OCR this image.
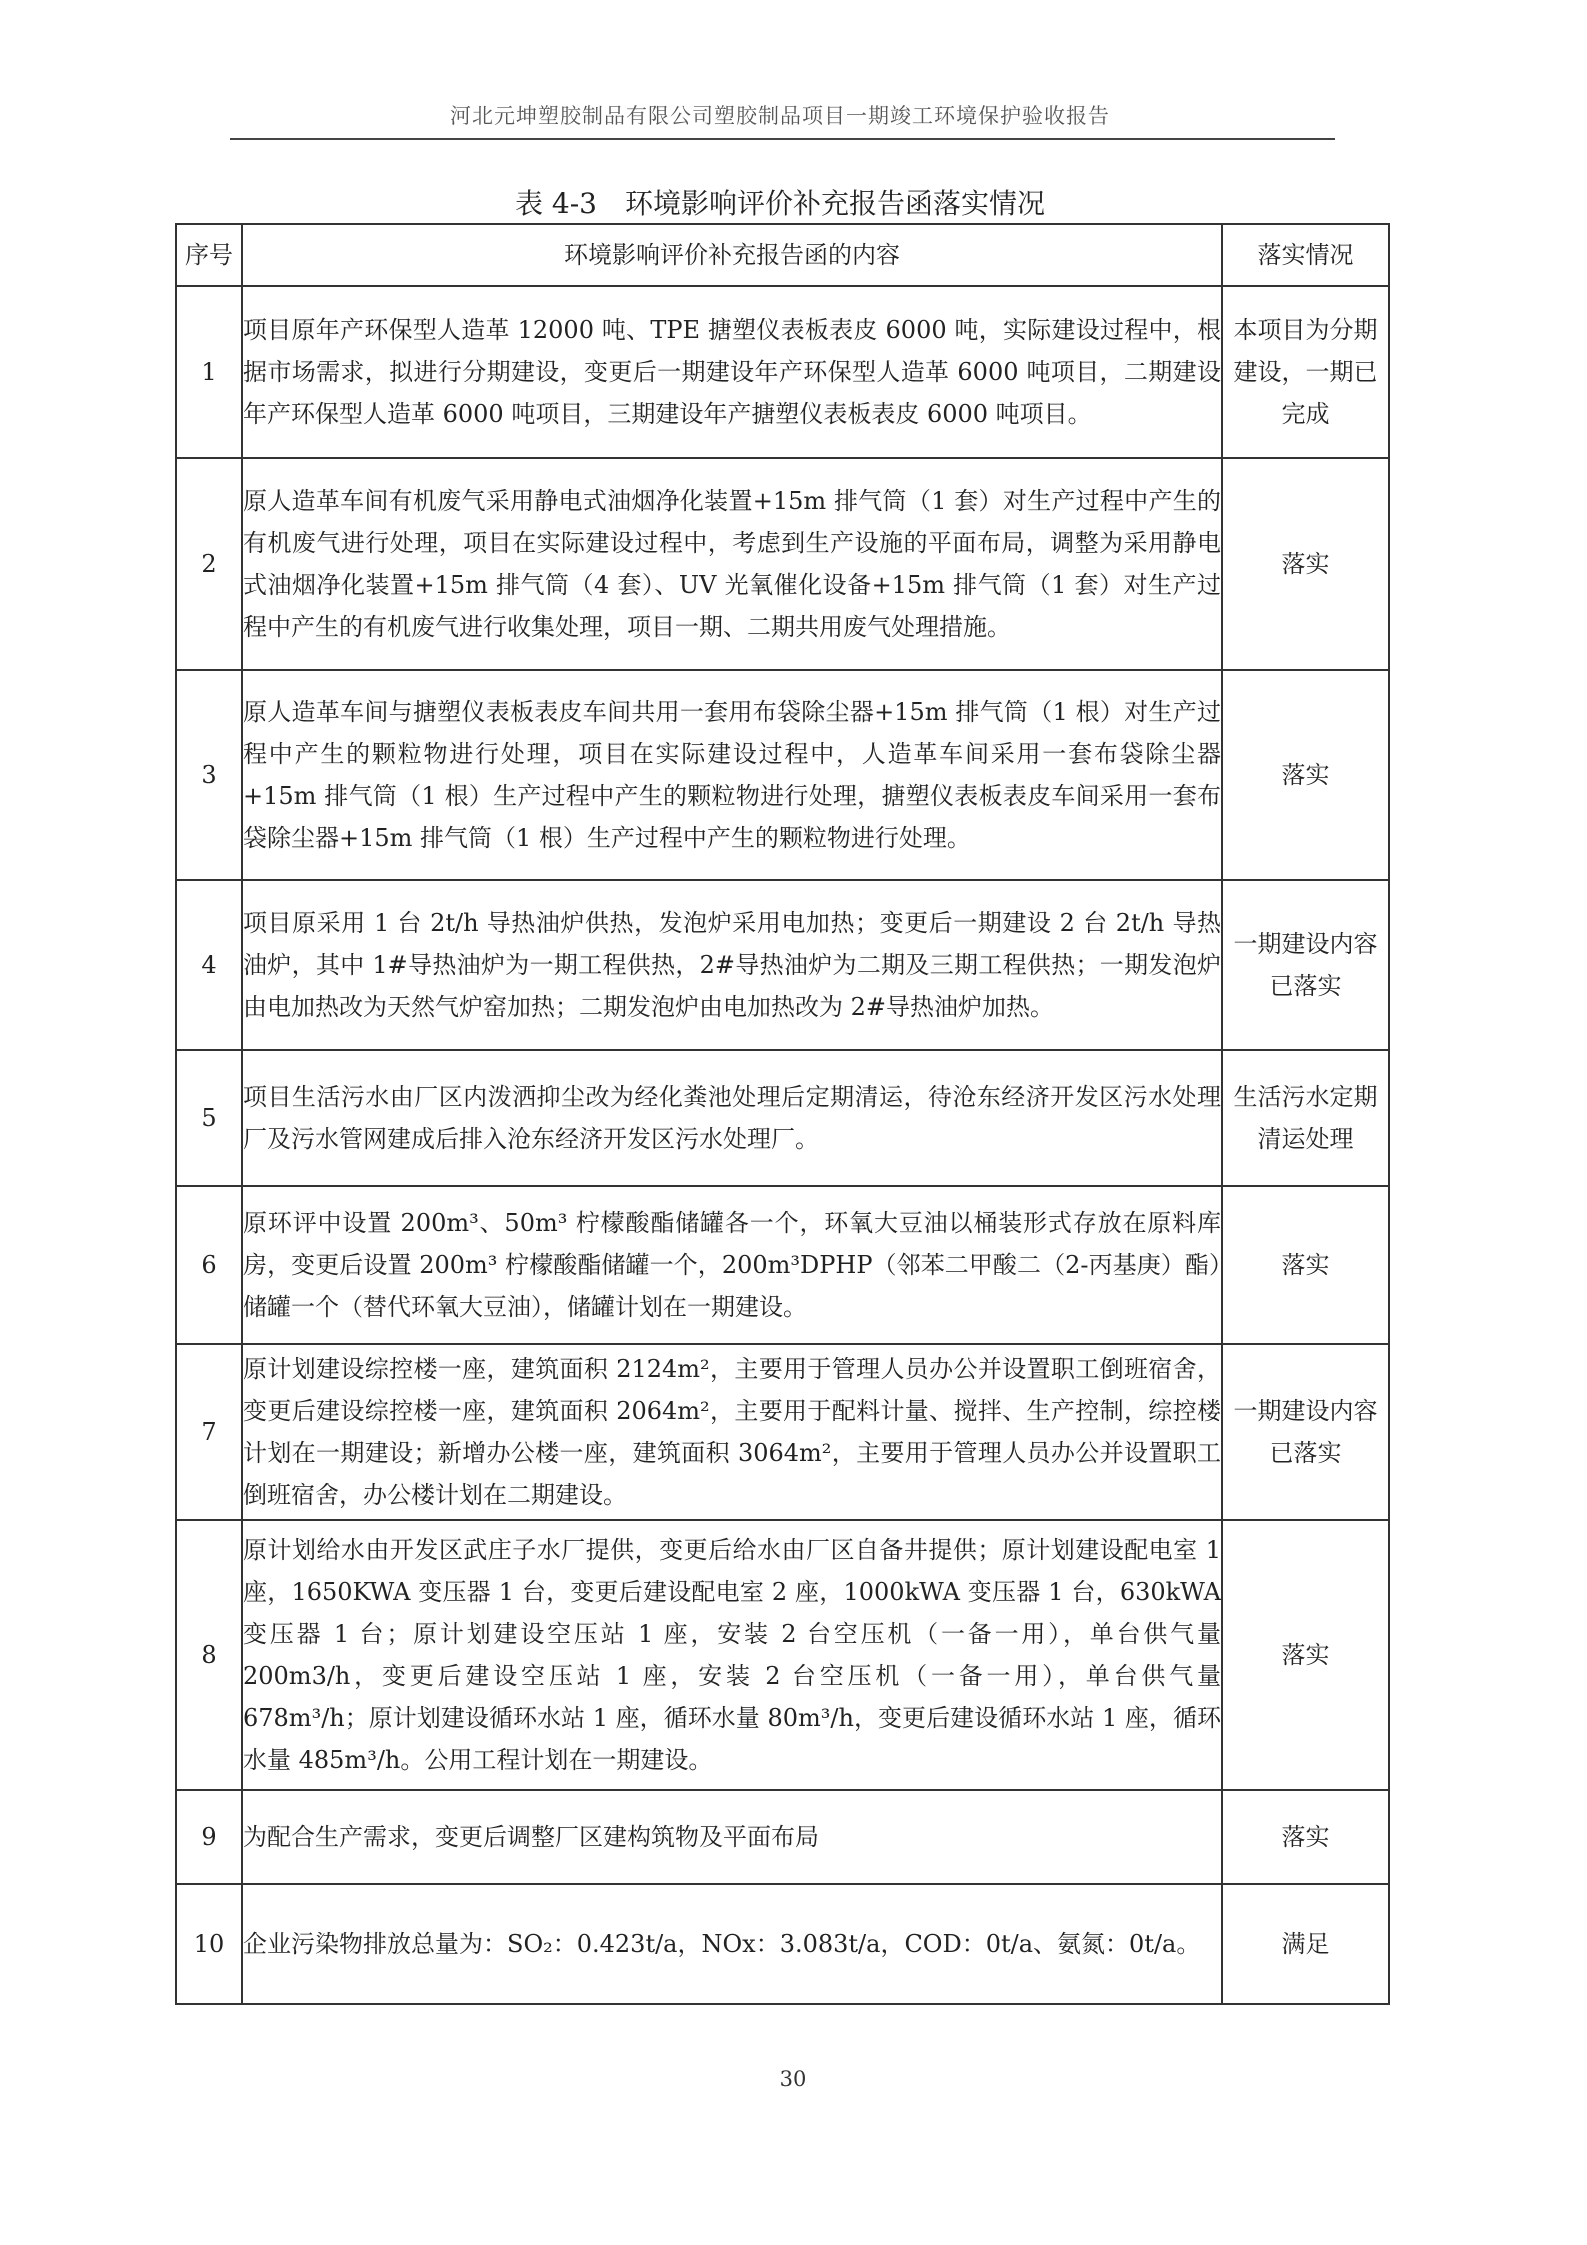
河北元坤塑胶制品有限公司塑胶制品项目一期竣工环境保护验收报告
表 4-3　环境影响评价补充报告函落实情况
序号	环境影响评价补充报告函的内容	落实情况
1	项目原年产环保型人造革 12000 吨、TPE 搪塑仪表板表皮 6000 吨，实际建设过程中，根据市场需求，拟进行分期建设，变更后一期建设年产环保型人造革 6000 吨项目，二期建设年产环保型人造革 6000 吨项目，三期建设年产搪塑仪表板表皮 6000 吨项目。	本项目为分期建设，一期已完成
2	原人造革车间有机废气采用静电式油烟净化装置+15m 排气筒（1 套）对生产过程中产生的有机废气进行处理，项目在实际建设过程中，考虑到生产设施的平面布局，调整为采用静电式油烟净化装置+15m 排气筒（4 套）、UV 光氧催化设备+15m 排气筒（1 套）对生产过程中产生的有机废气进行收集处理，项目一期、二期共用废气处理措施。	落实
3	原人造革车间与搪塑仪表板表皮车间共用一套用布袋除尘器+15m 排气筒（1 根）对生产过程中产生的颗粒物进行处理，项目在实际建设过程中，人造革车间采用一套布袋除尘器+15m 排气筒（1 根）生产过程中产生的颗粒物进行处理，搪塑仪表板表皮车间采用一套布袋除尘器+15m 排气筒（1 根）生产过程中产生的颗粒物进行处理。	落实
4	项目原采用 1 台 2t/h 导热油炉供热，发泡炉采用电加热；变更后一期建设 2 台 2t/h 导热油炉，其中 1#导热油炉为一期工程供热，2#导热油炉为二期及三期工程供热；一期发泡炉由电加热改为天然气炉窑加热；二期发泡炉由电加热改为 2#导热油炉加热。	一期建设内容已落实
5	项目生活污水由厂区内泼洒抑尘改为经化粪池处理后定期清运，待沧东经济开发区污水处理厂及污水管网建成后排入沧东经济开发区污水处理厂。	生活污水定期清运处理
6	原环评中设置 200m³、50m³ 柠檬酸酯储罐各一个，环氧大豆油以桶装形式存放在原料库房，变更后设置 200m³ 柠檬酸酯储罐一个，200m³DPHP（邻苯二甲酸二（2-丙基庚）酯）储罐一个（替代环氧大豆油），储罐计划在一期建设。	落实
7	原计划建设综控楼一座，建筑面积 2124m²，主要用于管理人员办公并设置职工倒班宿舍，变更后建设综控楼一座，建筑面积 2064m²，主要用于配料计量、搅拌、生产控制，综控楼计划在一期建设；新增办公楼一座，建筑面积 3064m²，主要用于管理人员办公并设置职工倒班宿舍，办公楼计划在二期建设。	一期建设内容已落实
8	原计划给水由开发区武庄子水厂提供，变更后给水由厂区自备井提供；原计划建设配电室 1 座，1650KWA 变压器 1 台，变更后建设配电室 2 座，1000kWA 变压器 1 台，630kWA 变压器 1 台；原计划建设空压站 1 座，安装 2 台空压机（一备一用），单台供气量 200m3/h，变更后建设空压站 1 座，安装 2 台空压机（一备一用），单台供气量 678m³/h；原计划建设循环水站 1 座，循环水量 80m³/h，变更后建设循环水站 1 座，循环水量 485m³/h。公用工程计划在一期建设。	落实
9	为配合生产需求，变更后调整厂区建构筑物及平面布局	落实
10	企业污染物排放总量为：SO₂：0.423t/a，NOx：3.083t/a，COD：0t/a、氨氮：0t/a。	满足
30
